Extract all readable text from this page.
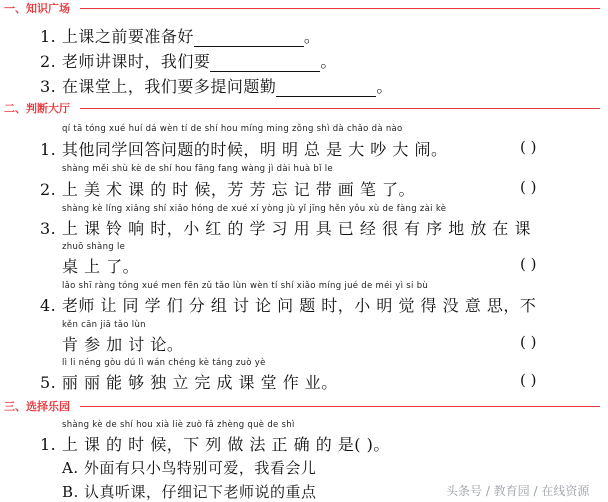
一、知识广场
1. 上课之前要准备好	。
2. 老师讲课时，我们要	。
3. 在课堂上，我们要多提问题勤	。
二、判断大厅
qí tā tóng xué huí dá wèn tí de shí hou míng ming zǒng shì dà chǎo dà nào
1. 其他同学回答问题的时候，明 明 总 是 大 吵 大 闹。	( )
shàng měi shù kè de shí hou fāng fang wàng jì dài huà bǐ le
2. 上 美 术 课 的 时 候，芳 芳 忘 记 带 画 笔 了。	( )
shàng kè líng xiǎng shí xiǎo hóng de xué xí yòng jù yǐ jīng hěn yǒu xù de fàng zài kè
3. 上 课 铃 响 时，小 红 的 学 习 用 具 已 经 很 有 序 地 放 在 课
zhuō shàng le
桌 上 了。	( )
lǎo shī ràng tóng xué men fēn zǔ tǎo lùn wèn tí shí xiǎo míng jué de méi yì si bù
4. 老师 让 同 学 们 分 组 讨 论 问 题 时，小 明 觉 得 没 意 思，不
kěn cān jiā tǎo lùn
肯 参 加 讨 论。	( )
lì li néng gòu dú lì wán chéng kè táng zuò yè
5. 丽 丽 能 够 独 立 完 成 课 堂 作 业。	( )
三、选择乐园
shàng kè de shí hou xià liè zuò fǎ zhèng què de shì
1. 上 课 的 时 候，下 列 做 法 正 确 的 是( )。
A. 外面有只小鸟特别可爱，我看会儿
B. 认真听课，仔细记下老师说的重点	头条号 / 教育园 / 在线资源
